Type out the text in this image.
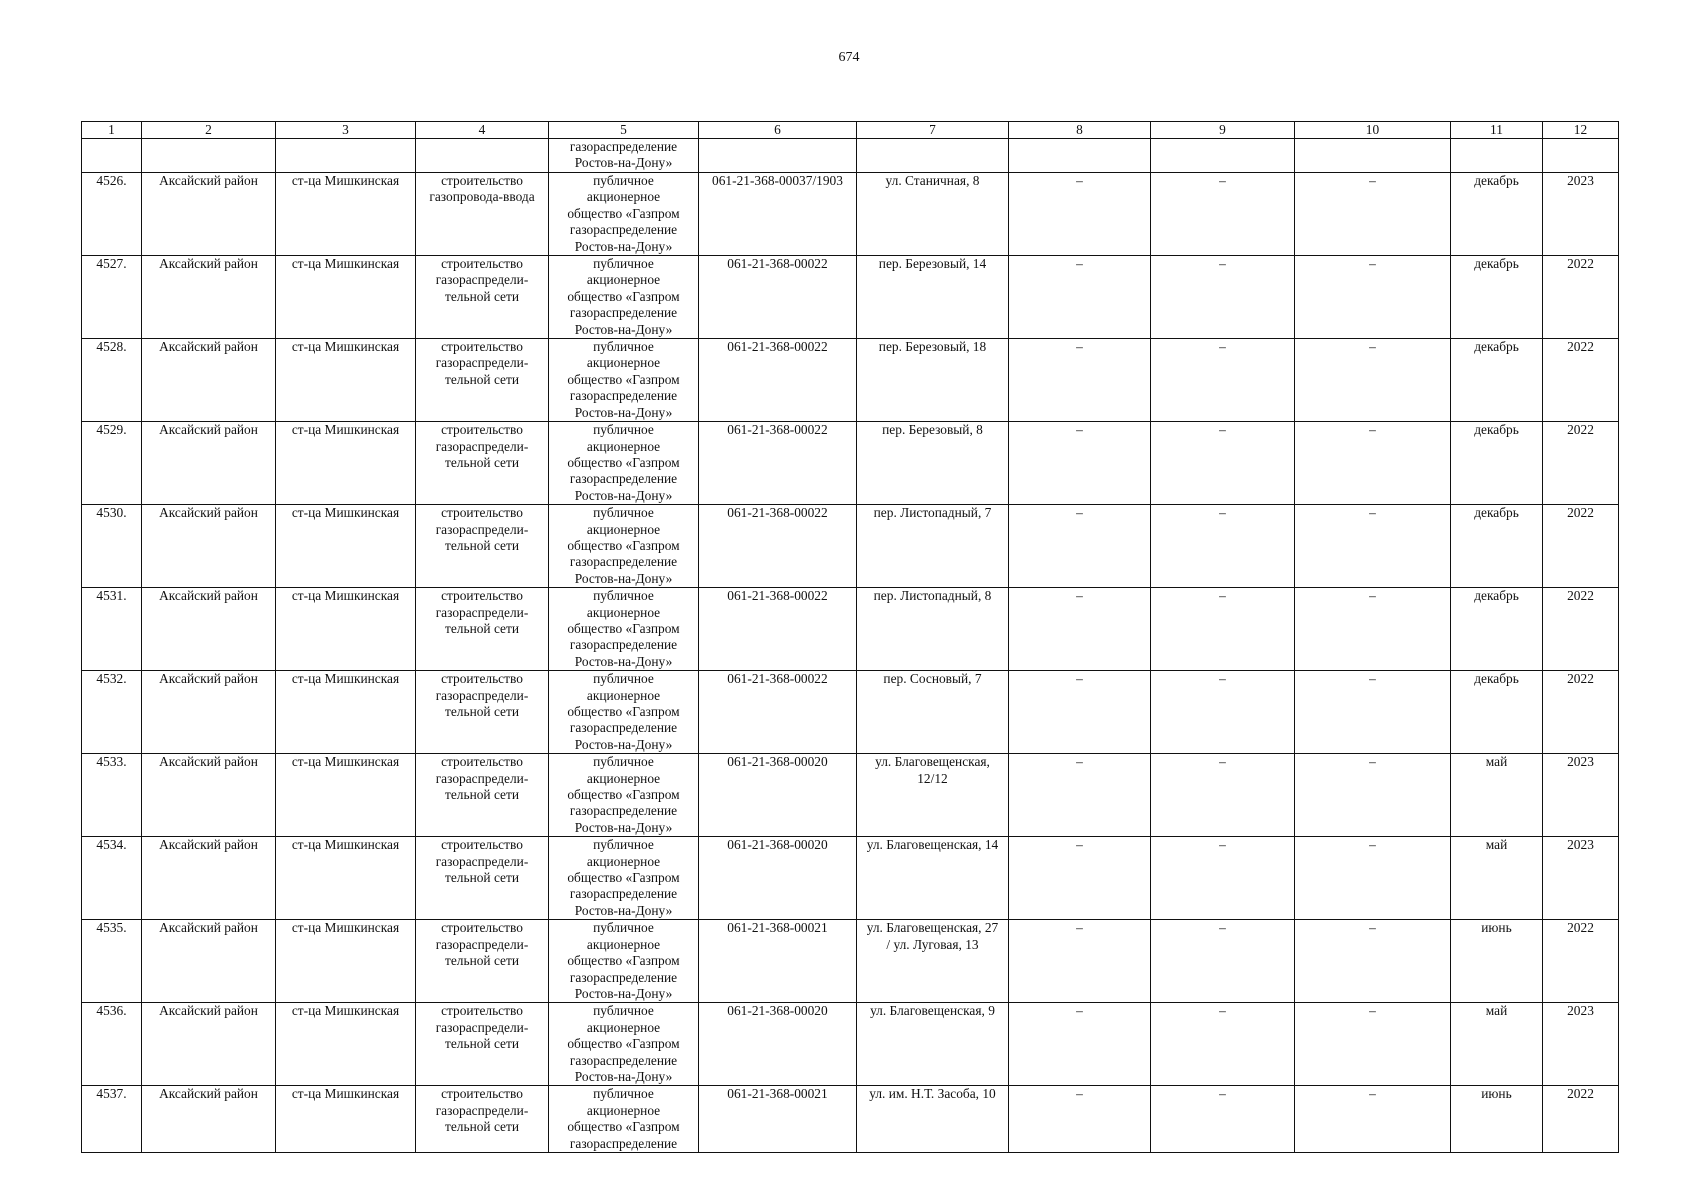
674
1	2	3	4	5	6	7	8	9	10	11	12

				газораспределение
Ростов-на-Дону»							

4526.	Аксайский район	ст-ца Мишкинская	строительство
газопровода-ввода	публичное
акционерное
общество «Газпром
газораспределение
Ростов-на-Дону»	061-21-368-00037/1903	ул. Станичная, 8	–	–	–	декабрь	2023
4527.	Аксайский район	ст-ца Мишкинская	строительство
газораспредели-
тельной сети	публичное
акционерное
общество «Газпром
газораспределение
Ростов-на-Дону»	061-21-368-00022	пер. Березовый, 14	–	–	–	декабрь	2022
4528.	Аксайский район	ст-ца Мишкинская	строительство
газораспредели-
тельной сети	публичное
акционерное
общество «Газпром
газораспределение
Ростов-на-Дону»	061-21-368-00022	пер. Березовый, 18	–	–	–	декабрь	2022
4529.	Аксайский район	ст-ца Мишкинская	строительство
газораспредели-
тельной сети	публичное
акционерное
общество «Газпром
газораспределение
Ростов-на-Дону»	061-21-368-00022	пер. Березовый, 8	–	–	–	декабрь	2022
4530.	Аксайский район	ст-ца Мишкинская	строительство
газораспредели-
тельной сети	публичное
акционерное
общество «Газпром
газораспределение
Ростов-на-Дону»	061-21-368-00022	пер. Листопадный, 7	–	–	–	декабрь	2022
4531.	Аксайский район	ст-ца Мишкинская	строительство
газораспредели-
тельной сети	публичное
акционерное
общество «Газпром
газораспределение
Ростов-на-Дону»	061-21-368-00022	пер. Листопадный, 8	–	–	–	декабрь	2022
4532.	Аксайский район	ст-ца Мишкинская	строительство
газораспредели-
тельной сети	публичное
акционерное
общество «Газпром
газораспределение
Ростов-на-Дону»	061-21-368-00022	пер. Сосновый, 7	–	–	–	декабрь	2022
4533.	Аксайский район	ст-ца Мишкинская	строительство
газораспредели-
тельной сети	публичное
акционерное
общество «Газпром
газораспределение
Ростов-на-Дону»	061-21-368-00020	ул. Благовещенская,
12/12	–	–	–	май	2023
4534.	Аксайский район	ст-ца Мишкинская	строительство
газораспредели-
тельной сети	публичное
акционерное
общество «Газпром
газораспределение
Ростов-на-Дону»	061-21-368-00020	ул. Благовещенская, 14	–	–	–	май	2023
4535.	Аксайский район	ст-ца Мишкинская	строительство
газораспредели-
тельной сети	публичное
акционерное
общество «Газпром
газораспределение
Ростов-на-Дону»	061-21-368-00021	ул. Благовещенская, 27
/ ул. Луговая, 13	–	–	–	июнь	2022
4536.	Аксайский район	ст-ца Мишкинская	строительство
газораспредели-
тельной сети	публичное
акционерное
общество «Газпром
газораспределение
Ростов-на-Дону»	061-21-368-00020	ул. Благовещенская, 9	–	–	–	май	2023
4537.	Аксайский район	ст-ца Мишкинская	строительство
газораспредели-
тельной сети	публичное
акционерное
общество «Газпром
газораспределение	061-21-368-00021	ул. им. Н.Т. Засоба, 10	–	–	–	июнь	2022
